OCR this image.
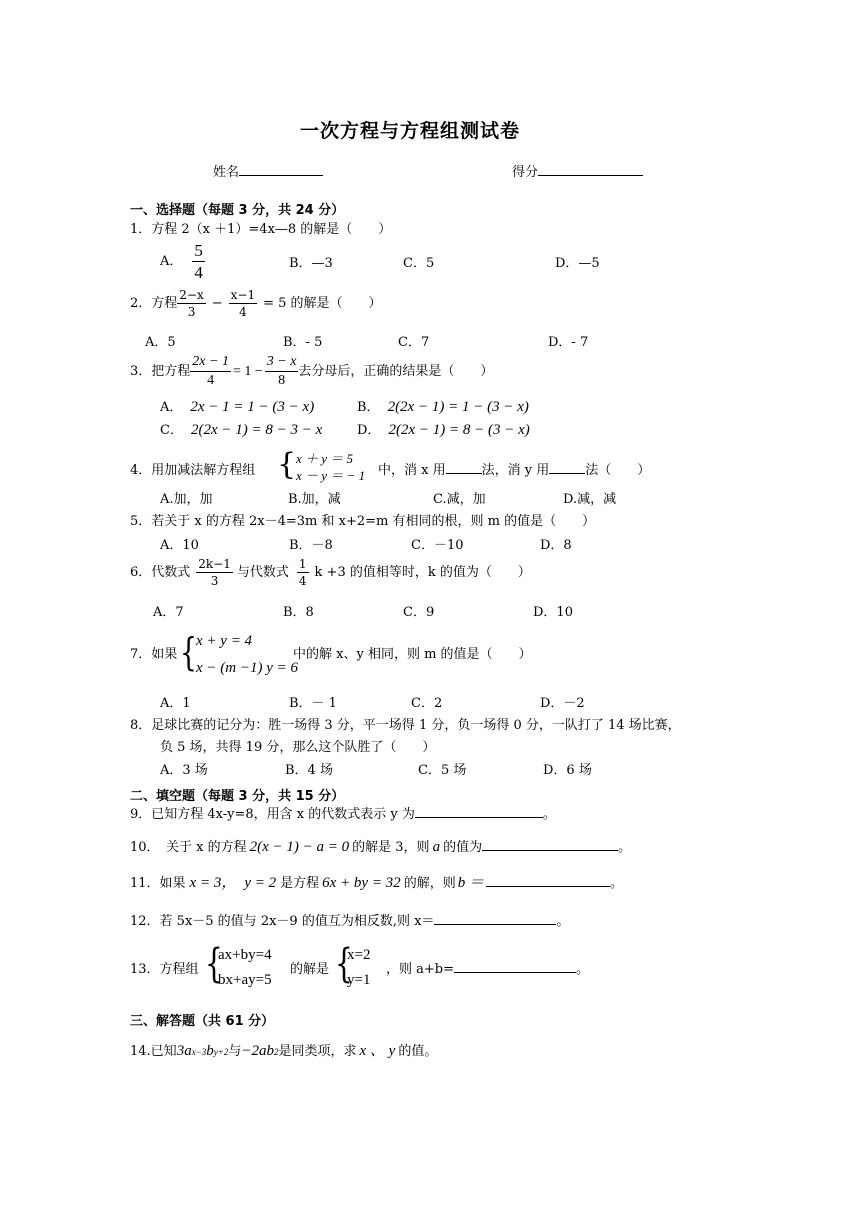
一次方程与方程组测试卷
姓名	得分
一、选择题（每题 3 分，共 24 分）
1．方程 2（x ＋1）=4x—8 的解是（　　）
A． $\frac{5}{4}$	B．—3	C．5	D．—5
2．方程 $\frac{2-x}{3} - \frac{x-1}{4} = 5$ 的解是（　　）
A．5	B．- 5	C．7	D．- 7
3．把方程 $\frac{2x - 1}{4} = 1 - \frac{3 - x}{8}$ 去分母后，正确的结果是（　　）
A． 2x − 1 = 1 − (3 − x)	B． 2(2x − 1) = 1 − (3 − x)
C． 2(2x − 1) = 8 − 3 − x	D． 2(2x − 1) = 8 − (3 − x)
4．用加减法解方程组 { x ＋ y ＝ 5
x － y ＝ − 1 中，消 x 用	法，消 y 用	法（　　）
A.加，加	B.加，减	C.减，加	D.减，减
5．若关于 x 的方程 2x－4=3m 和 x+2=m 有相同的根，则 m 的值是（　　）
A．10	B．－8	C．－10	D．8
6．代数式 $\frac{2k-1}{3}$ 与代数式 $\frac{1}{4}$ k +3 的值相等时，k 的值为（　　）
A．7	B．8	C．9	D．10
7．如果 { x + y = 4
x − (m −1) y = 6
中的解 x、y 相同，则 m 的值是（　　）
A．1	B．－ 1	C．2	D．－2
8．足球比赛的记分为：胜一场得 3 分，平一场得 1 分，负一场得 0 分，一队打了 14 场比赛，
负 5 场，共得 19 分，那么这个队胜了（　　）
A．3 场	B．4 场	C．5 场	D．6 场
二、填空题（每题 3 分，共 15 分）
9．已知方程 4x-y=8，用含 x 的代数式表示 y 为	。
10．　关于 x 的方程 2(x − 1) − a = 0 的解是 3，则 a 的值为	。
11．如果 x = 3， y = 2 是方程 6x + by = 32 的解，则 b ＝	。
12．若 5x－5 的值与 2x－9 的值互为相反数,则 x＝	。
13．方程组 {
ax+by=4
bx+ay=5
的解是 {
x=2
y=1
，则 a+b=	。
三、解答题（共 61 分）
14.已知 3a x−3 b y+2 与 −2ab 2 是同类项，求 x 、 y 的值。
